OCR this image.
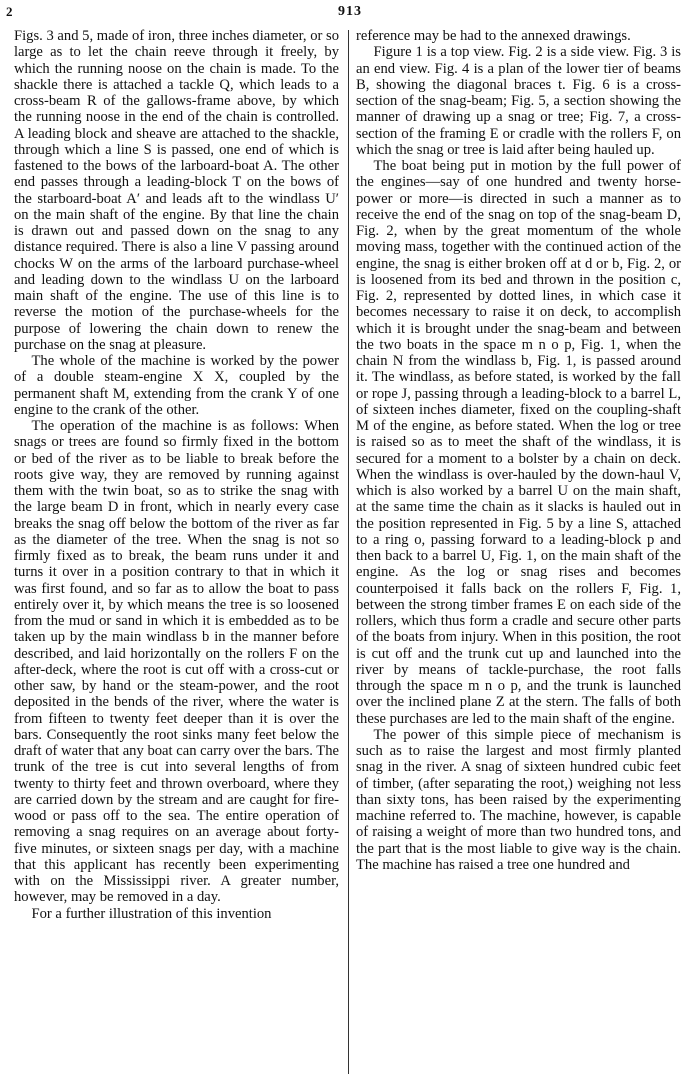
2	913

Figs. 3 and 5, made of iron, three inches diameter, or so large as to let the chain reeve through it freely, by which the running noose on the chain is made. To the shackle there is attached a tackle Q, which leads to a cross-beam R of the gallows-frame above, by which the running noose in the end of the chain is controlled. A leading block and sheave are attached to the shackle, through which a line S is passed, one end of which is fastened to the bows of the larboard-boat A. The other end passes through a leading-block T on the bows of the starboard-boat A′ and leads aft to the windlass U′ on the main shaft of the engine. By that line the chain is drawn out and passed down on the snag to any distance required. There is also a line V passing around chocks W on the arms of the larboard purchase-wheel and leading down to the windlass U on the larboard main shaft of the engine. The use of this line is to reverse the motion of the purchase-wheels for the purpose of lowering the chain down to renew the purchase on the snag at pleasure.

The whole of the machine is worked by the power of a double steam-engine X X, coupled by the permanent shaft M, extending from the crank Y of one engine to the crank of the other.

The operation of the machine is as follows: When snags or trees are found so firmly fixed in the bottom or bed of the river as to be liable to break before the roots give way, they are removed by running against them with the twin boat, so as to strike the snag with the large beam D in front, which in nearly every case breaks the snag off below the bottom of the river as far as the diameter of the tree. When the snag is not so firmly fixed as to break, the beam runs under it and turns it over in a position contrary to that in which it was first found, and so far as to allow the boat to pass entirely over it, by which means the tree is so loosened from the mud or sand in which it is embedded as to be taken up by the main windlass b in the manner before described, and laid horizontally on the rollers F on the after-deck, where the root is cut off with a cross-cut or other saw, by hand or the steam-power, and the root deposited in the bends of the river, where the water is from fifteen to twenty feet deeper than it is over the bars. Consequently the root sinks many feet below the draft of water that any boat can carry over the bars. The trunk of the tree is cut into several lengths of from twenty to thirty feet and thrown overboard, where they are carried down by the stream and are caught for fire-wood or pass off to the sea. The entire operation of removing a snag requires on an average about forty-five minutes, or sixteen snags per day, with a machine that this applicant has recently been experimenting with on the Mississippi river. A greater number, however, may be removed in a day.

For a further illustration of this invention

reference may be had to the annexed drawings.

Figure 1 is a top view. Fig. 2 is a side view. Fig. 3 is an end view. Fig. 4 is a plan of the lower tier of beams B, showing the diagonal braces t. Fig. 6 is a cross-section of the snag-beam; Fig. 5, a section showing the manner of drawing up a snag or tree; Fig. 7, a cross-section of the framing E or cradle with the rollers F, on which the snag or tree is laid after being hauled up.

The boat being put in motion by the full power of the engines—say of one hundred and twenty horse-power or more—is directed in such a manner as to receive the end of the snag on top of the snag-beam D, Fig. 2, when by the great momentum of the whole moving mass, together with the continued action of the engine, the snag is either broken off at d or b, Fig. 2, or is loosened from its bed and thrown in the position c, Fig. 2, represented by dotted lines, in which case it becomes necessary to raise it on deck, to accomplish which it is brought under the snag-beam and between the two boats in the space m n o p, Fig. 1, when the chain N from the windlass b, Fig. 1, is passed around it. The windlass, as before stated, is worked by the fall or rope J, passing through a leading-block to a barrel L, of sixteen inches diameter, fixed on the coupling-shaft M of the engine, as before stated. When the log or tree is raised so as to meet the shaft of the windlass, it is secured for a moment to a bolster by a chain on deck. When the windlass is over-hauled by the down-haul V, which is also worked by a barrel U on the main shaft, at the same time the chain as it slacks is hauled out in the position represented in Fig. 5 by a line S, attached to a ring o, passing forward to a leading-block p and then back to a barrel U, Fig. 1, on the main shaft of the engine. As the log or snag rises and becomes counterpoised it falls back on the rollers F, Fig. 1, between the strong timber frames E on each side of the rollers, which thus form a cradle and secure other parts of the boats from injury. When in this position, the root is cut off and the trunk cut up and launched into the river by means of tackle-purchase, the root falls through the space m n o p, and the trunk is launched over the inclined plane Z at the stern. The falls of both these purchases are led to the main shaft of the engine.

The power of this simple piece of mechanism is such as to raise the largest and most firmly planted snag in the river. A snag of sixteen hundred cubic feet of timber, (after separating the root,) weighing not less than sixty tons, has been raised by the experimenting machine referred to. The machine, however, is capable of raising a weight of more than two hundred tons, and the part that is the most liable to give way is the chain. The machine has raised a tree one hundred and
